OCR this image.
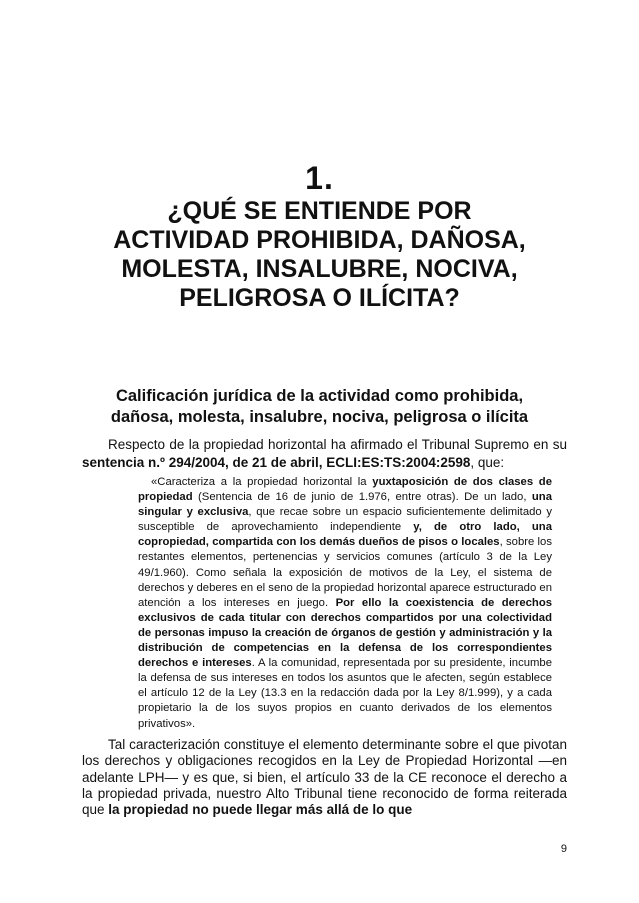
1.
¿QUÉ SE ENTIENDE POR
ACTIVIDAD PROHIBIDA, DAÑOSA,
MOLESTA, INSALUBRE, NOCIVA,
PELIGROSA O ILÍCITA?
Calificación jurídica de la actividad como prohibida,
dañosa, molesta, insalubre, nociva, peligrosa o ilícita

Respecto de la propiedad horizontal ha afirmado el Tribunal Supremo en su sentencia n.º 294/2004, de 21 de abril, ECLI:ES:TS:2004:2598, que:

«Caracteriza a la propiedad horizontal la yuxtaposición de dos clases de propiedad (Sentencia de 16 de junio de 1.976, entre otras). De un lado, una singular y exclusiva, que recae sobre un espacio suficientemente delimitado y susceptible de aprovechamiento independiente y, de otro lado, una copropiedad, compartida con los demás dueños de pisos o locales, sobre los restantes elementos, pertenencias y servicios comunes (artículo 3 de la Ley 49/1.960). Como señala la exposición de motivos de la Ley, el sistema de derechos y deberes en el seno de la propiedad horizontal aparece estructurado en atención a los intereses en juego. Por ello la coexistencia de derechos exclusivos de cada titular con derechos compartidos por una colectividad de personas impuso la creación de órganos de gestión y administración y la distribución de competencias en la defensa de los correspondientes derechos e intereses. A la comunidad, representada por su presidente, incumbe la defensa de sus intereses en todos los asuntos que le afecten, según establece el artículo 12 de la Ley (13.3 en la redacción dada por la Ley 8/1.999), y a cada propietario la de los suyos propios en cuanto derivados de los elementos privativos».

Tal caracterización constituye el elemento determinante sobre el que pivotan los derechos y obligaciones recogidos en la Ley de Propiedad Horizontal —en adelante LPH— y es que, si bien, el artículo 33 de la CE reconoce el derecho a la propiedad privada, nuestro Alto Tribunal tiene reconocido de forma reiterada que la propiedad no puede llegar más allá de lo que

9
